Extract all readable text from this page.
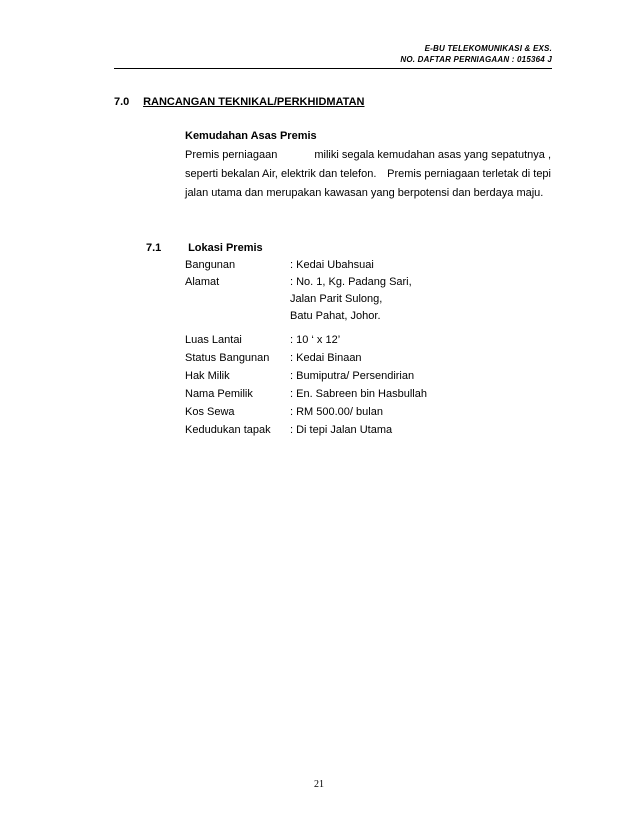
E-BU TELEKOMUNIKASI & EXS.
NO. DAFTAR PERNIAGAAN : 015364 J
7.0 RANCANGAN TEKNIKAL/PERKHIDMATAN
Kemudahan Asas Premis
Premis perniagaan	miliki segala kemudahan asas yang sepatutnya ,
seperti bekalan Air, elektrik dan telefon. Premis perniagaan terletak di tepi
jalan utama dan merupakan kawasan yang berpotensi dan berdaya maju.
7.1 Lokasi Premis
Bangunan	: Kedai Ubahsuai
Alamat	: No. 1, Kg. Padang Sari,
Jalan Parit Sulong,
Batu Pahat, Johor.
Luas Lantai	: 10 ‘ x 12’
Status Bangunan : Kedai Binaan
Hak Milik	: Bumiputra/ Persendirian
Nama Pemilik	: En. Sabreen bin Hasbullah
Kos Sewa	: RM 500.00/ bulan
Kedudukan tapak : Di tepi Jalan Utama
21
